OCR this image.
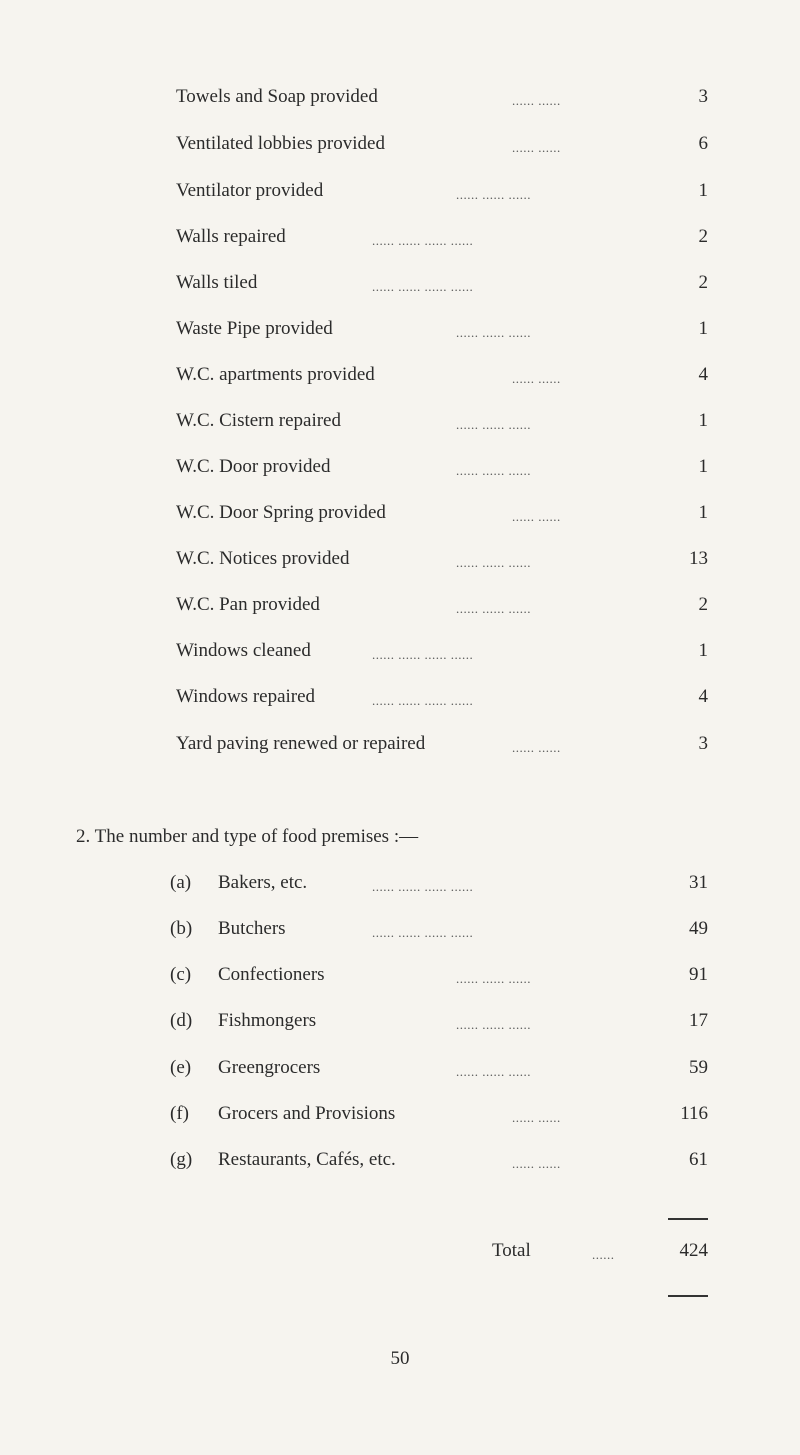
Towels and Soap provided	...... ......	3
Ventilated lobbies provided	...... ......	6
Ventilator provided	...... ...... ......	1
Walls repaired	...... ...... ...... ......	2
Walls tiled	...... ...... ...... ......	2
Waste Pipe provided	...... ...... ......	1
W.C. apartments provided	...... ......	4
W.C. Cistern repaired	...... ...... ......	1
W.C. Door provided	...... ...... ......	1
W.C. Door Spring provided	...... ......	1
W.C. Notices provided	...... ...... ......	13
W.C. Pan provided	...... ...... ......	2
Windows cleaned	...... ...... ...... ......	1
Windows repaired	...... ...... ...... ......	4
Yard paving renewed or repaired	...... ......	3
2. The number and type of food premises :—
(a) Bakers, etc.	...... ...... ...... ......	31
(b) Butchers	...... ...... ...... ......	49
(c) Confectioners	...... ...... ......	91
(d) Fishmongers	...... ...... ......	17
(e) Greengrocers	...... ...... ......	59
(f) Grocers and Provisions	...... ......	116
(g) Restaurants, Cafés, etc.	...... ......	61
Total	......	424
50
